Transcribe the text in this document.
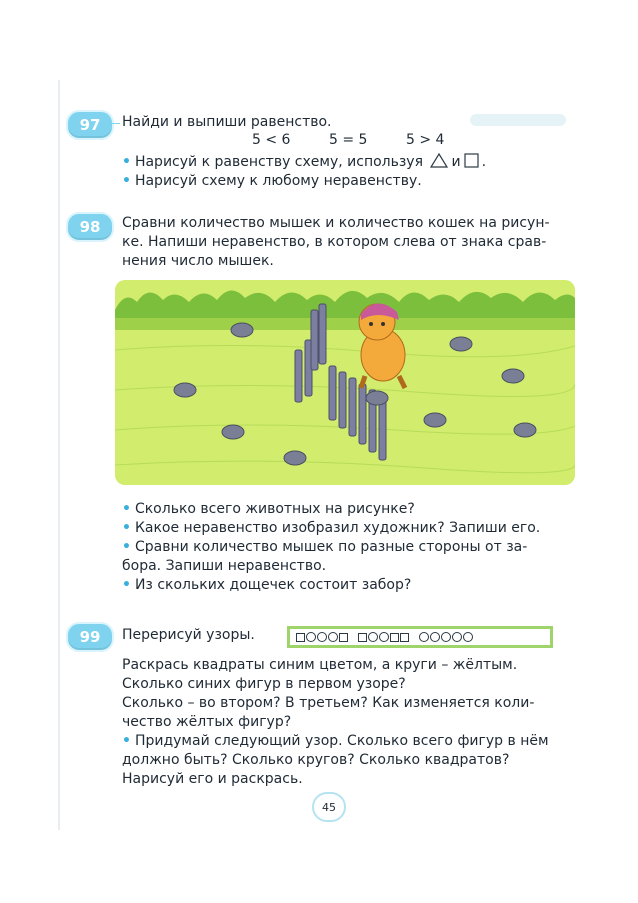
97	Найди и выпиши равенство.
5 < 6	5 = 5	5 > 4
• Нарисуй к равенству схему, используя и .
• Нарисуй схему к любому неравенству.
98	Сравни количество мышек и количество кошек на рисун-
ке. Напиши неравенство, в котором слева от знака срав-
нения число мышек.
• Сколько всего животных на рисунке?
• Какое неравенство изобразил художник? Запиши его.
• Сравни количество мышек по разные стороны от за-
бора. Запиши неравенство.
• Из скольких дощечек состоит забор?
99	Перерисуй узоры.
Раскрась квадраты синим цветом, а круги – жёлтым.
Сколько синих фигур в первом узоре?
Сколько – во втором? В третьем? Как изменяется коли-
чество жёлтых фигур?
• Придумай следующий узор. Сколько всего фигур в нём
должно быть? Сколько кругов? Сколько квадратов?
Нарисуй его и раскрась.
45
